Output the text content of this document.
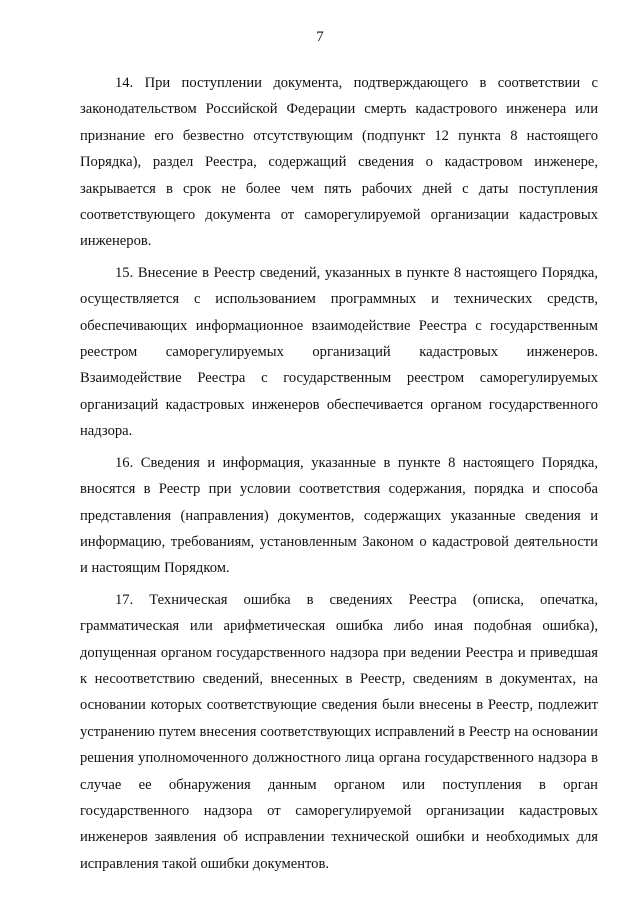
7

14. При поступлении документа, подтверждающего в соответствии с законодательством Российской Федерации смерть кадастрового инженера или признание его безвестно отсутствующим (подпункт 12 пункта 8 настоящего Порядка), раздел Реестра, содержащий сведения о кадастровом инженере, закрывается в срок не более чем пять рабочих дней с даты поступления соответствующего документа от саморегулируемой организации кадастровых инженеров.

15. Внесение в Реестр сведений, указанных в пункте 8 настоящего Порядка, осуществляется с использованием программных и технических средств, обеспечивающих информационное взаимодействие Реестра с государственным реестром саморегулируемых организаций кадастровых инженеров. Взаимодействие Реестра с государственным реестром саморегулируемых организаций кадастровых инженеров обеспечивается органом государственного надзора.

16. Сведения и информация, указанные в пункте 8 настоящего Порядка, вносятся в Реестр при условии соответствия содержания, порядка и способа представления (направления) документов, содержащих указанные сведения и информацию, требованиям, установленным Законом о кадастровой деятельности и настоящим Порядком.

17. Техническая ошибка в сведениях Реестра (описка, опечатка, грамматическая или арифметическая ошибка либо иная подобная ошибка), допущенная органом государственного надзора при ведении Реестра и приведшая к несоответствию сведений, внесенных в Реестр, сведениям в документах, на основании которых соответствующие сведения были внесены в Реестр, подлежит устранению путем внесения соответствующих исправлений в Реестр на основании решения уполномоченного должностного лица органа государственного надзора в случае ее обнаружения данным органом или поступления в орган государственного надзора от саморегулируемой организации кадастровых инженеров заявления об исправлении технической ошибки и необходимых для исправления такой ошибки документов.
